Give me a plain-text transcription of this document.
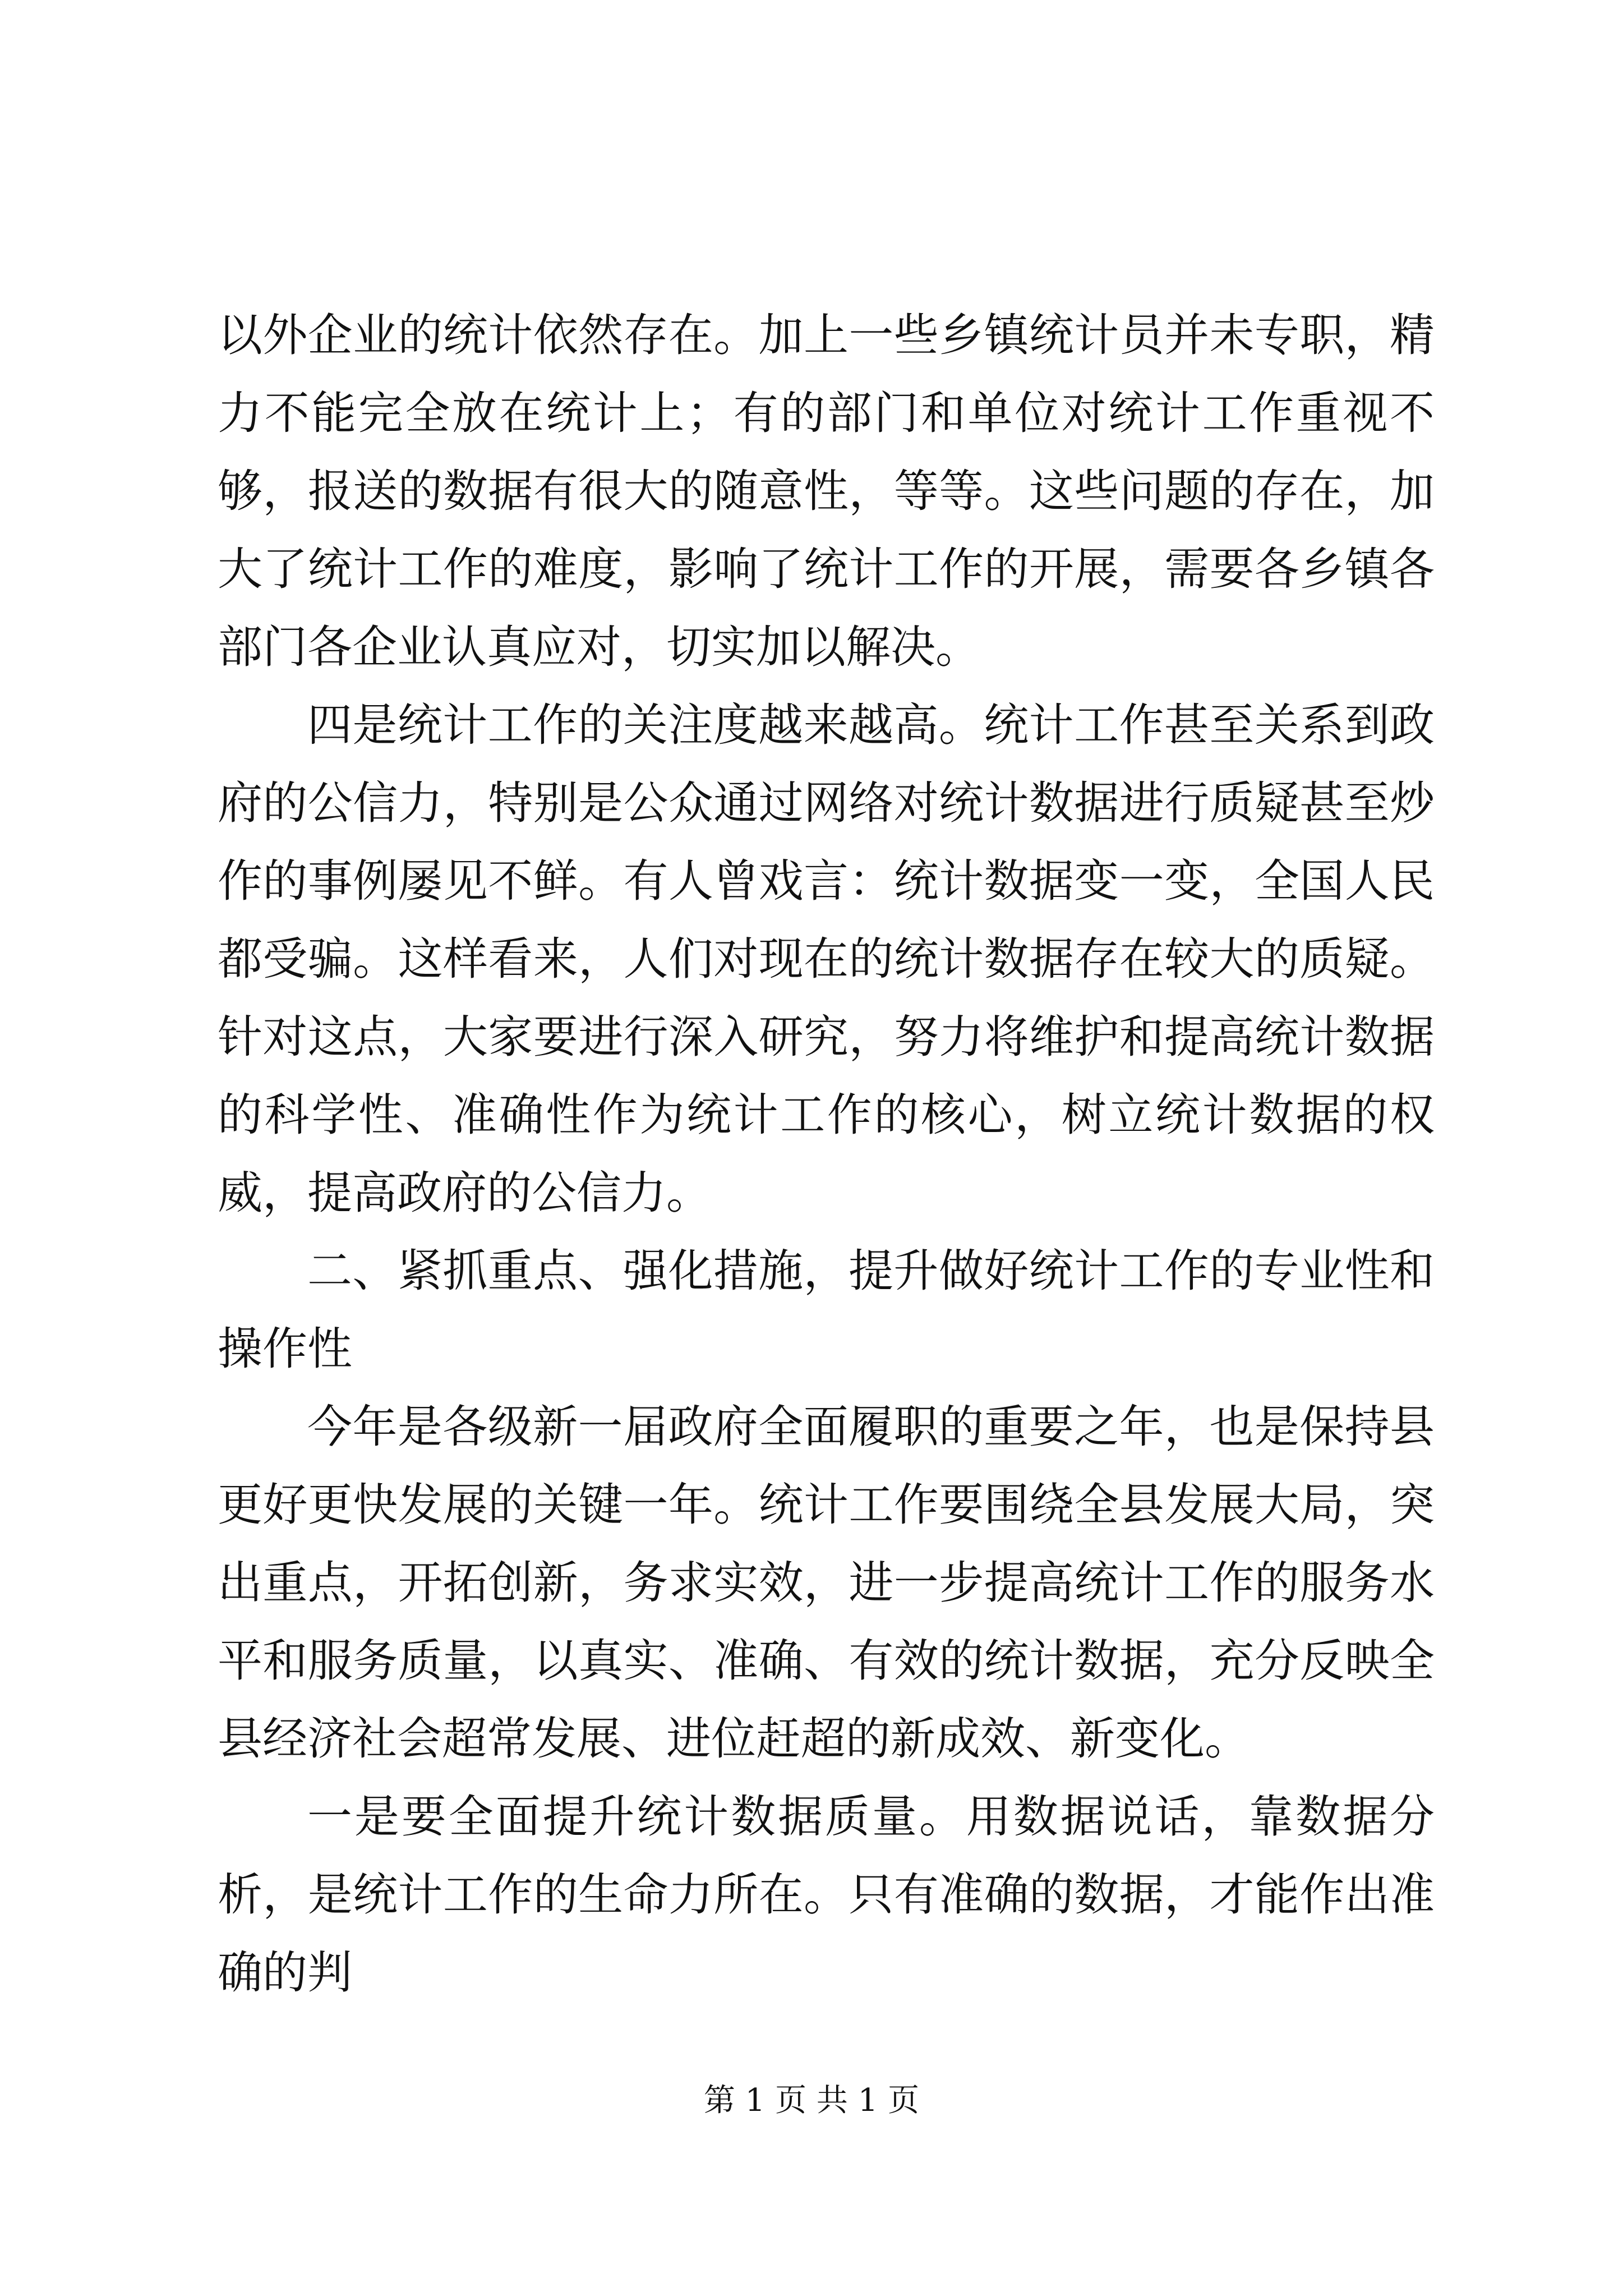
以外企业的统计依然存在。加上一些乡镇统计员并未专职，精力不能完全放在统计上；有的部门和单位对统计工作重视不够，报送的数据有很大的随意性，等等。这些问题的存在，加大了统计工作的难度，影响了统计工作的开展，需要各乡镇各部门各企业认真应对，切实加以解决。

四是统计工作的关注度越来越高。统计工作甚至关系到政府的公信力，特别是公众通过网络对统计数据进行质疑甚至炒作的事例屡见不鲜。有人曾戏言：统计数据变一变，全国人民都受骗。这样看来，人们对现在的统计数据存在较大的质疑。针对这点，大家要进行深入研究，努力将维护和提高统计数据的科学性、准确性作为统计工作的核心，树立统计数据的权威，提高政府的公信力。

二、紧抓重点、强化措施，提升做好统计工作的专业性和操作性

今年是各级新一届政府全面履职的重要之年，也是保持县更好更快发展的关键一年。统计工作要围绕全县发展大局，突出重点，开拓创新，务求实效，进一步提高统计工作的服务水平和服务质量，以真实、准确、有效的统计数据，充分反映全县经济社会超常发展、进位赶超的新成效、新变化。

一是要全面提升统计数据质量。用数据说话，靠数据分析，是统计工作的生命力所在。只有准确的数据，才能作出准确的判

第 1 页 共 1 页
